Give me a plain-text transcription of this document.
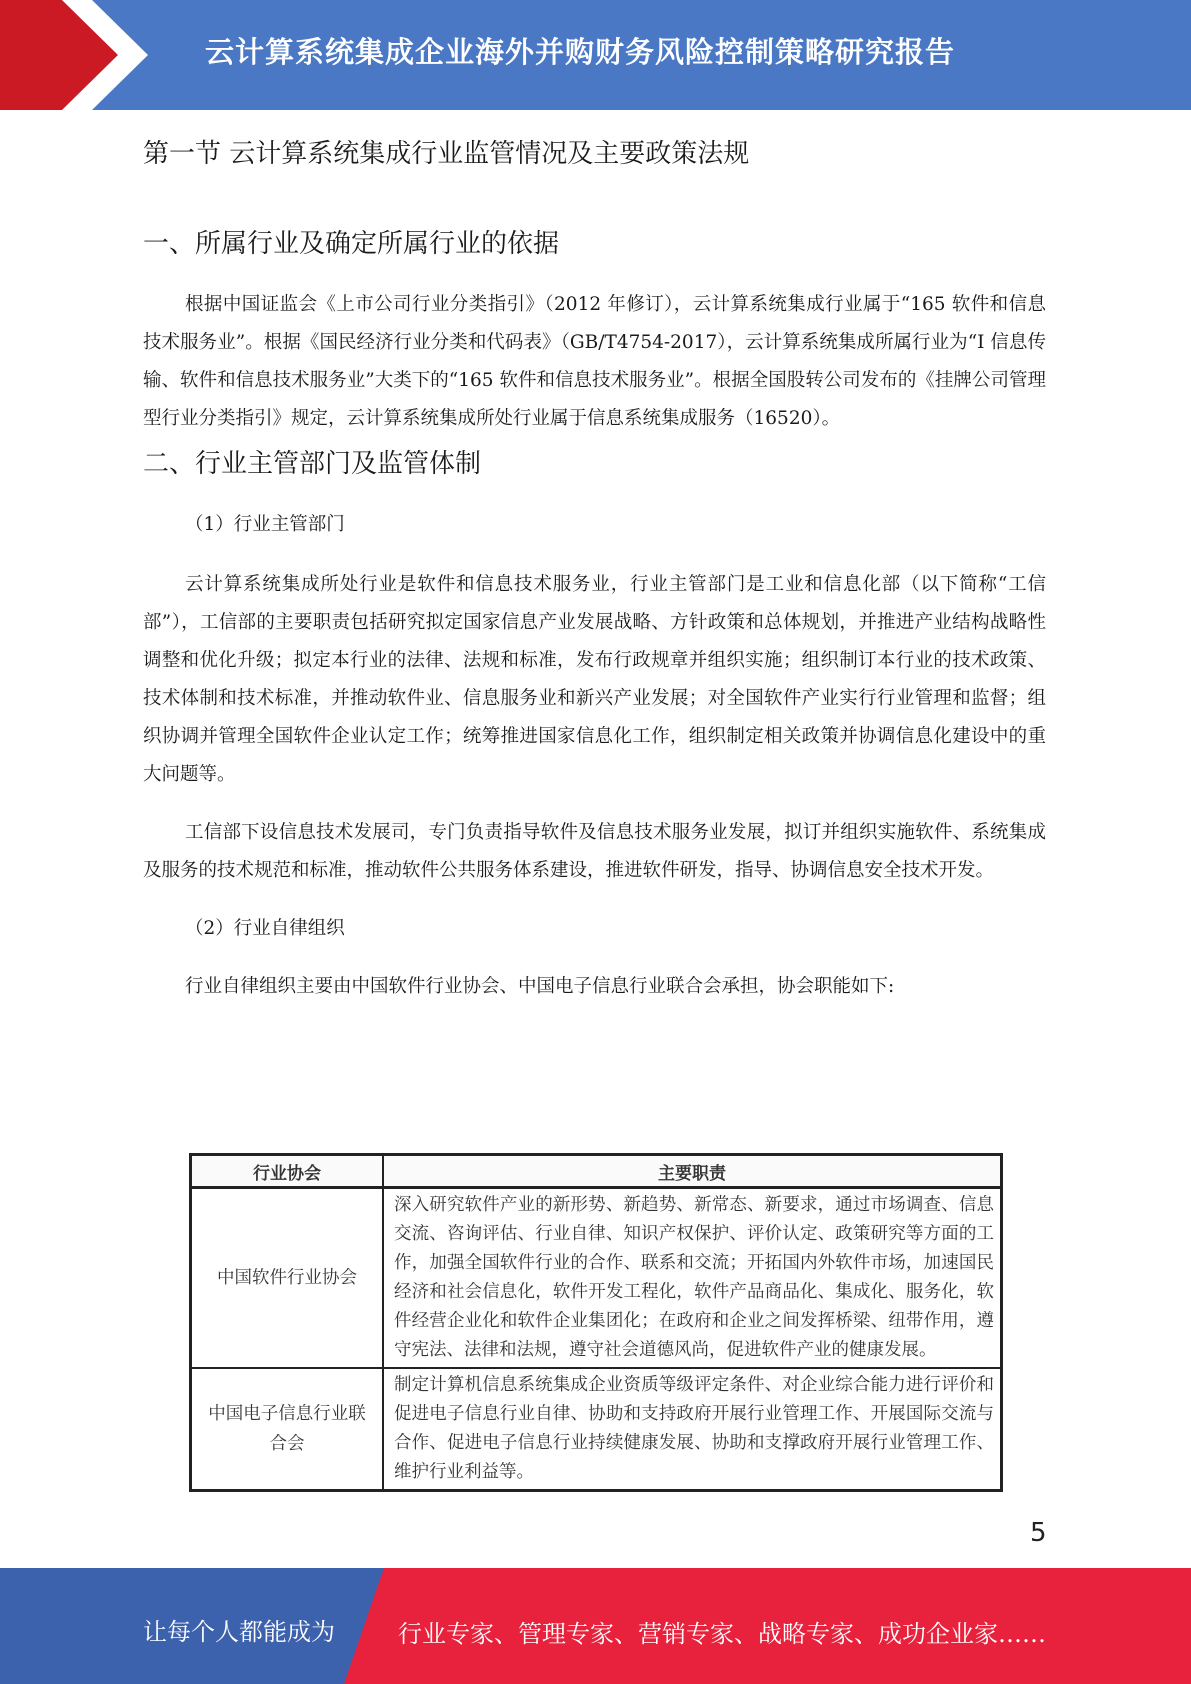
云计算系统集成企业海外并购财务风险控制策略研究报告
第一节 云计算系统集成行业监管情况及主要政策法规
一、所属行业及确定所属行业的依据

根据中国证监会《上市公司行业分类指引》（2012 年修订），云计算系统集成行业属于“165 软件和信息技术服务业”。根据《国民经济行业分类和代码表》（GB/T4754-2017），云计算系统集成所属行业为“I 信息传输、软件和信息技术服务业”大类下的“165 软件和信息技术服务业”。根据全国股转公司发布的《挂牌公司管理型行业分类指引》规定，云计算系统集成所处行业属于信息系统集成服务（16520）。

二、行业主管部门及监管体制

（1）行业主管部门

云计算系统集成所处行业是软件和信息技术服务业，行业主管部门是工业和信息化部（以下简称“工信部”），工信部的主要职责包括研究拟定国家信息产业发展战略、方针政策和总体规划，并推进产业结构战略性调整和优化升级；拟定本行业的法律、法规和标准，发布行政规章并组织实施；组织制订本行业的技术政策、技术体制和技术标准，并推动软件业、信息服务业和新兴产业发展；对全国软件产业实行行业管理和监督；组织协调并管理全国软件企业认定工作；统筹推进国家信息化工作，组织制定相关政策并协调信息化建设中的重大问题等。

工信部下设信息技术发展司，专门负责指导软件及信息技术服务业发展，拟订并组织实施软件、系统集成及服务的技术规范和标准，推动软件公共服务体系建设，推进软件研发，指导、协调信息安全技术开发。

（2）行业自律组织

行业自律组织主要由中国软件行业协会、中国电子信息行业联合会承担，协会职能如下:

行业协会	主要职责
中国软件行业协会	深入研究软件产业的新形势、新趋势、新常态、新要求，通过市场调查、信息交流、咨询评估、行业自律、知识产权保护、评价认定、政策研究等方面的工作，加强全国软件行业的合作、联系和交流；开拓国内外软件市场，加速国民经济和社会信息化，软件开发工程化，软件产品商品化、集成化、服务化，软件经营企业化和软件企业集团化；在政府和企业之间发挥桥梁、纽带作用，遵守宪法、法律和法规，遵守社会道德风尚，促进软件产业的健康发展。
中国电子信息行业联合会	制定计算机信息系统集成企业资质等级评定条件、对企业综合能力进行评价和促进电子信息行业自律、协助和支持政府开展行业管理工作、开展国际交流与合作、促进电子信息行业持续健康发展、协助和支撑政府开展行业管理工作、维护行业利益等。
5
让每个人都能成为	行业专家、管理专家、营销专家、战略专家、成功企业家……
